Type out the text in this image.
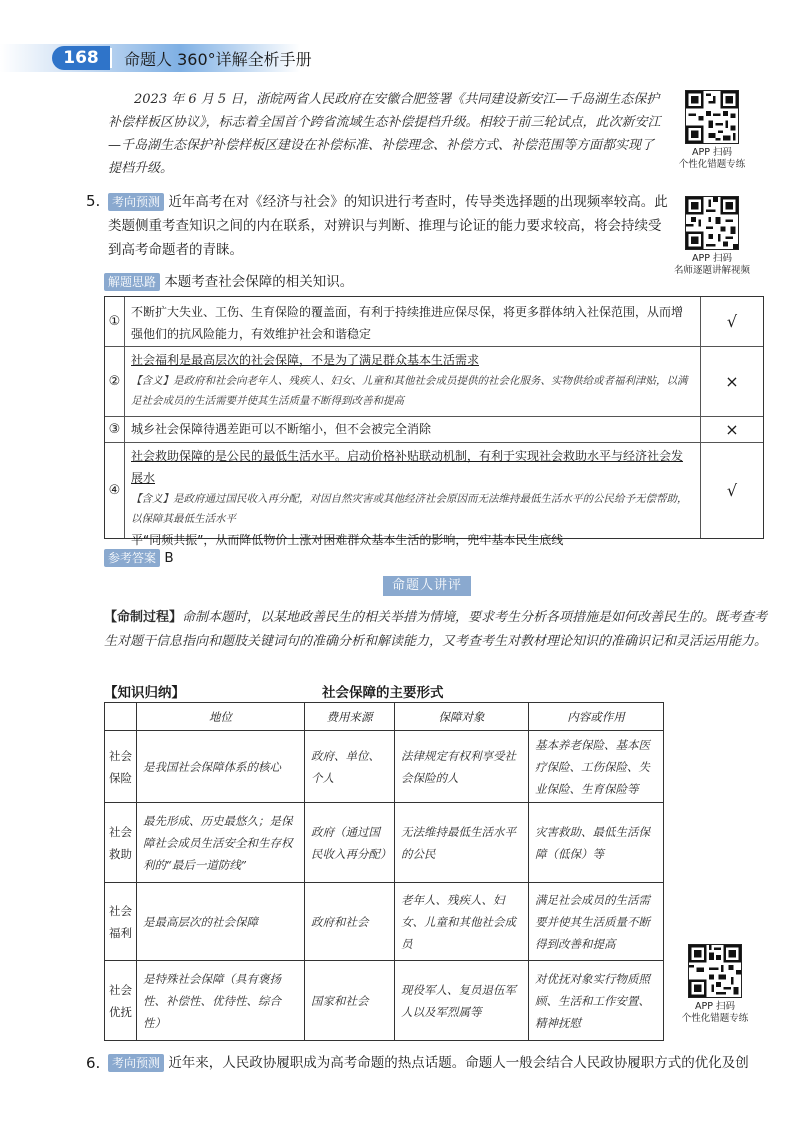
168	命题人 360°详解全析手册
2023 年 6 月 5 日，浙皖两省人民政府在安徽合肥签署《共同建设新安江—千岛湖生态保护补偿样板区协议》，标志着全国首个跨省流域生态补偿提档升级。相较于前三轮试点，此次新安江—千岛湖生态保护补偿样板区建设在补偿标准、补偿理念、补偿方式、补偿范围等方面都实现了提档升级。
APP 扫码
个性化错题专练
APP 扫码
名师逐题讲解视频
5. 考向预测 近年高考在对《经济与社会》的知识进行考查时，传导类选择题的出现频率较高。此类题侧重考查知识之间的内在联系，对辨识与判断、推理与论证的能力要求较高，将会持续受到高考命题者的青睐。
解题思路 本题考查社会保障的相关知识。
①
不断扩大失业、工伤、生育保险的覆盖面，有利于持续推进应保尽保，将更多群体纳入社保范围，从而增强他们的抗风险能力，有效维护社会和谐稳定
√
②
社会福利是最高层次的社会保障，不是为了满足群众基本生活需求
【含义】是政府和社会向老年人、残疾人、妇女、儿童和其他社会成员提供的社会化服务、实物供给或者福利津贴，以满足社会成员的生活需要并使其生活质量不断得到改善和提高
×
③ 城乡社会保障待遇差距可以不断缩小，但不会被完全消除	×
④
社会救助保障的是公民的最低生活水平。启动价格补贴联动机制，有利于实现社会救助水平与经济社会发展水
【含义】是政府通过国民收入再分配，对因自然灾害或其他经济社会原因而无法维持最低生活水平的公民给予无偿帮助，以保障其最低生活水平
平“同频共振”，从而降低物价上涨对困难群众基本生活的影响，兜牢基本民生底线
√
参考答案 B
命题人讲评
【命制过程】命制本题时，以某地政善民生的相关举措为情境，要求考生分析各项措施是如何改善民生的。既考查考生对题干信息指向和题肢关键词句的准确分析和解读能力，又考查考生对教材理论知识的准确识记和灵活运用能力。
【知识归纳】	社会保障的主要形式
	地位	费用来源	保障对象	内容或作用
社会保险	是我国社会保障体系的核心	政府、单位、个人	法律规定有权利享受社会保险的人	基本养老保险、基本医疗保险、工伤保险、失业保险、生育保险等
社会救助	最先形成、历史最悠久；是保障社会成员生活安全和生存权利的“最后一道防线”	政府（通过国民收入再分配）	无法维持最低生活水平的公民	灾害救助、最低生活保障（低保）等
社会福利	是最高层次的社会保障	政府和社会	老年人、残疾人、妇女、儿童和其他社会成员	满足社会成员的生活需要并使其生活质量不断得到改善和提高
社会优抚	是特殊社会保障（具有褒扬性、补偿性、优待性、综合性）	国家和社会	现役军人、复员退伍军人以及军烈属等	对优抚对象实行物质照顾、生活和工作安置、精神抚慰
APP 扫码
个性化错题专练
6. 考向预测 近年来，人民政协履职成为高考命题的热点话题。命题人一般会结合人民政协履职方式的优化及创
